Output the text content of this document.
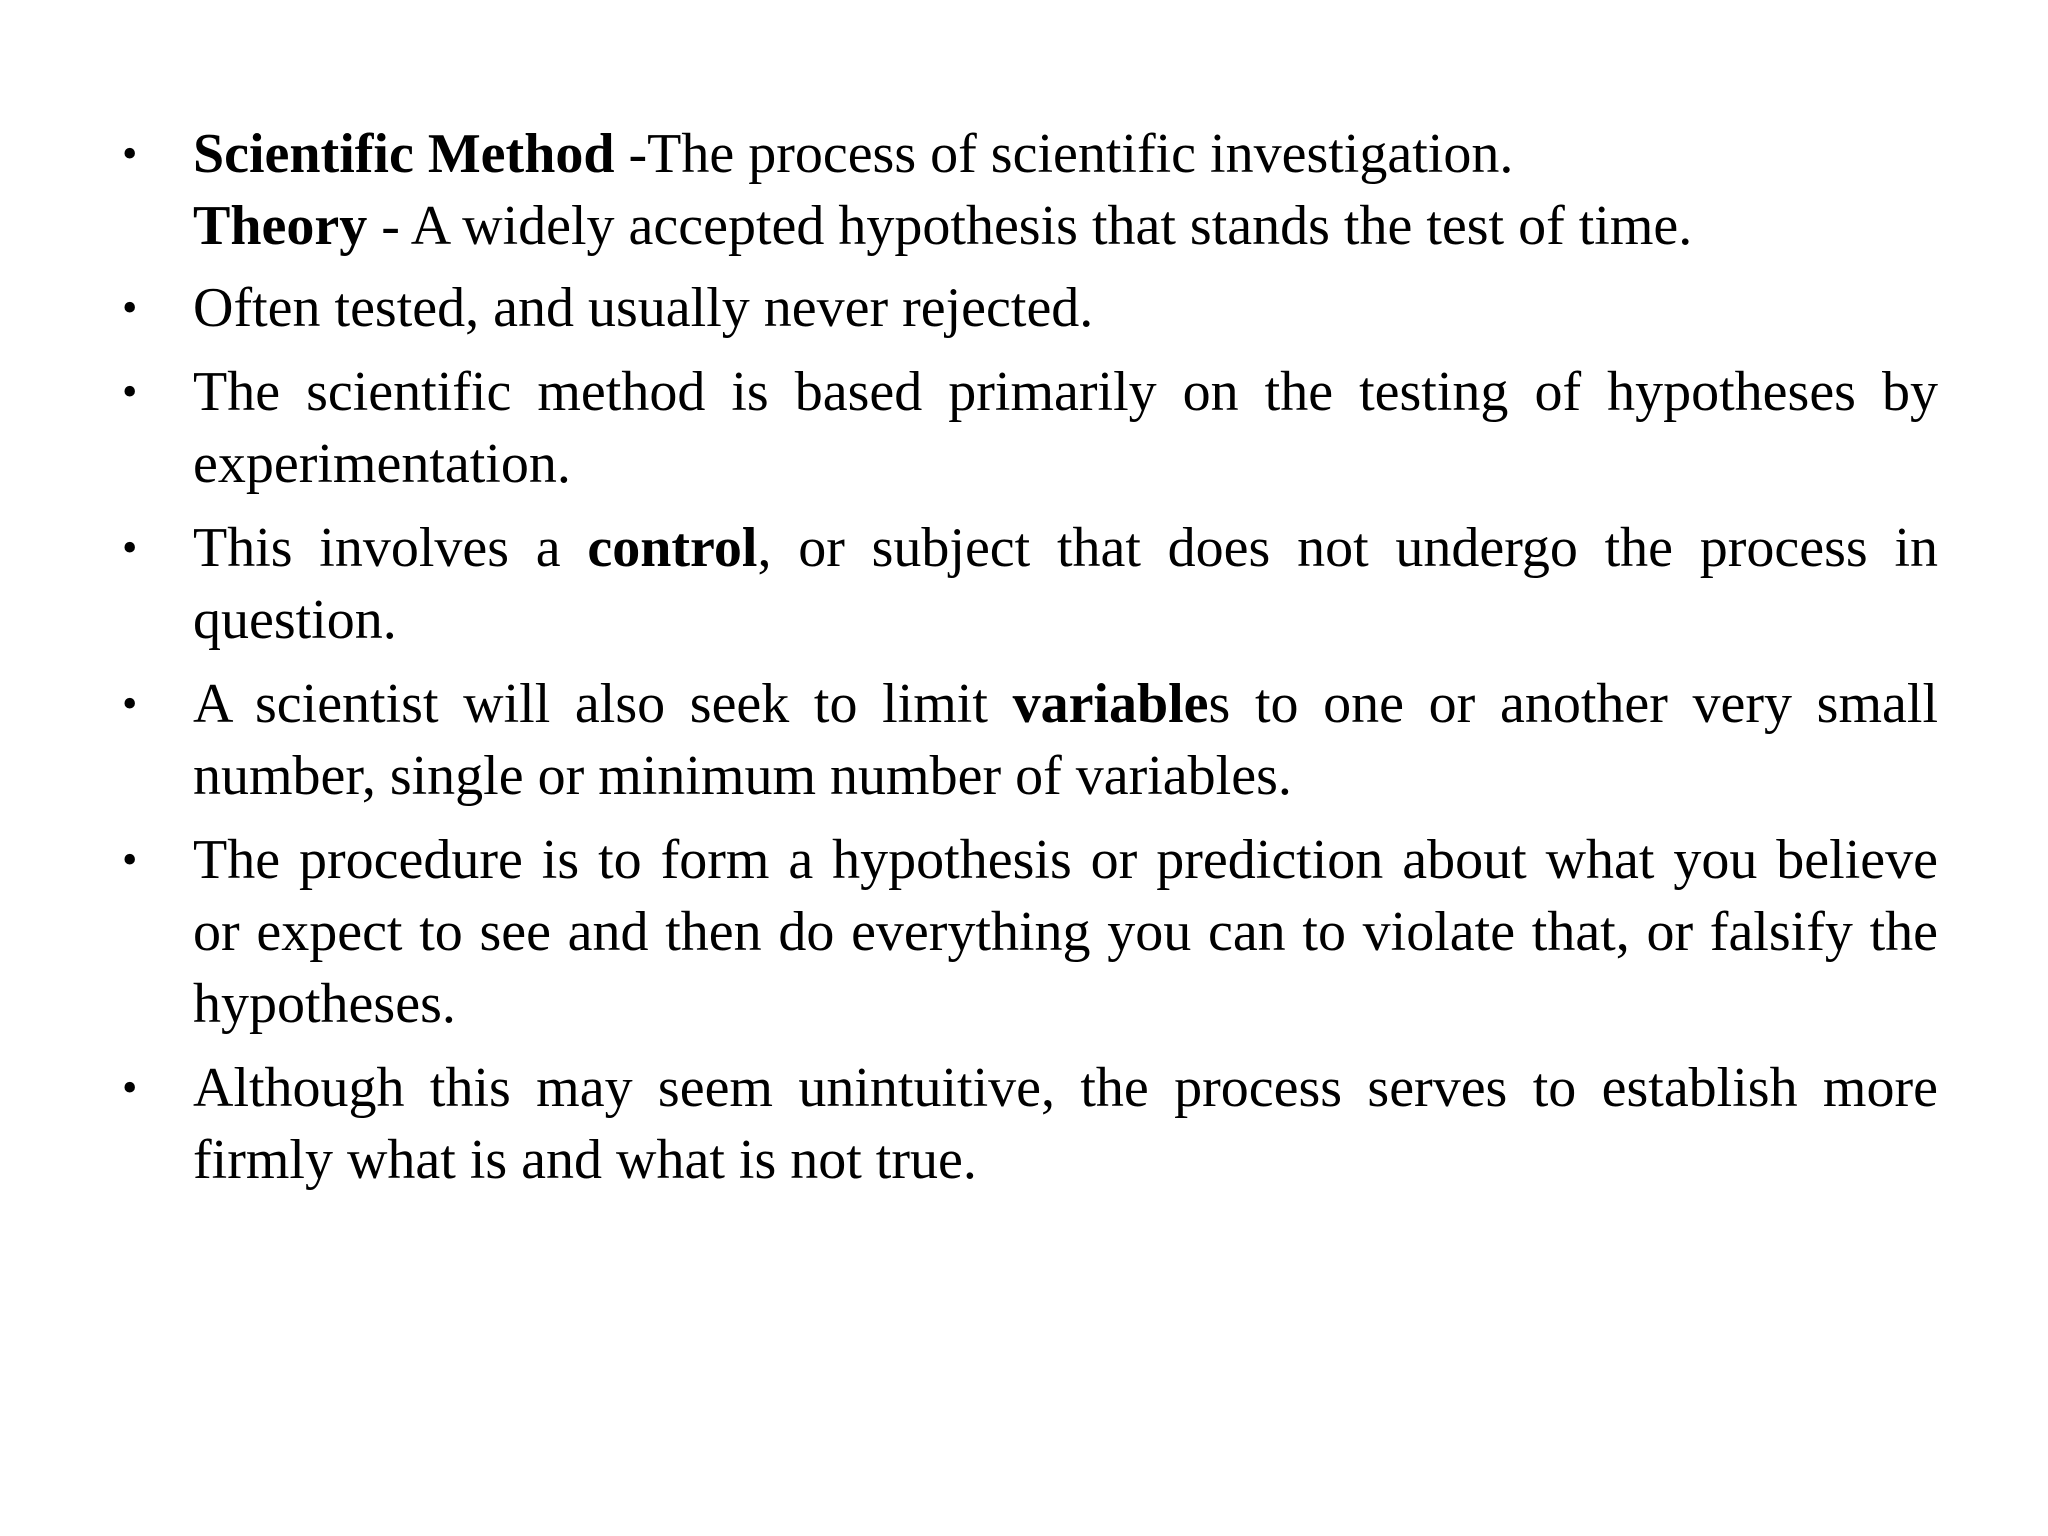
• Scientific Method -The process of scientific investigation.
Theory - A widely accepted hypothesis that stands the test of time.
• Often tested, and usually never rejected.
• The scientific method is based primarily on the testing of hypotheses by experimentation.
• This involves a control, or subject that does not undergo the process in question.
• A scientist will also seek to limit variables to one or another very small number, single or minimum number of variables.
• The procedure is to form a hypothesis or prediction about what you believe or expect to see and then do everything you can to violate that, or falsify the hypotheses.
• Although this may seem unintuitive, the process serves to establish more firmly what is and what is not true.
